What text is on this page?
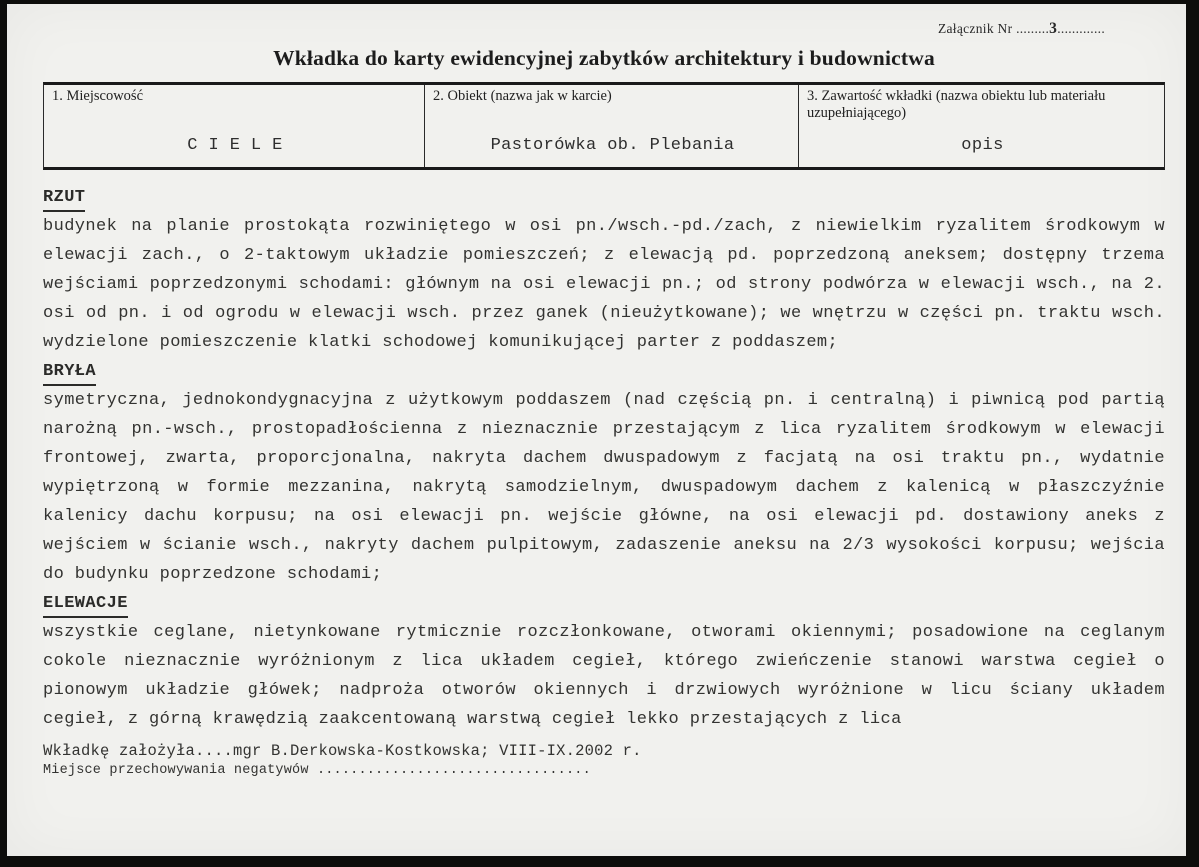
Załącznik Nr .........3.............
Wkładka do karty ewidencyjnej zabytków architektury i budownictwa
1. Miejscowość
C I E L E
2. Obiekt (nazwa jak w karcie)
Pastorówka ob. Plebania
3. Zawartość wkładki (nazwa obiektu lub materiału uzupełniającego)
opis
RZUT

budynek na planie prostokąta rozwiniętego w osi pn./wsch.-pd./zach, z niewielkim ryzalitem środkowym w elewacji zach., o 2-taktowym układzie pomieszczeń; z elewacją pd. poprzedzoną aneksem; dostępny trzema wejściami poprzedzonymi schodami: głównym na osi elewacji pn.; od strony podwórza w elewacji wsch., na 2. osi od pn. i od ogrodu w elewacji wsch. przez ganek (nieużytkowane); we wnętrzu w części pn. traktu wsch. wydzielone pomieszczenie klatki schodowej komunikującej parter z poddaszem;

BRYŁA

symetryczna, jednokondygnacyjna z użytkowym poddaszem (nad częścią pn. i centralną) i piwnicą pod partią narożną pn.-wsch., prostopadłościenna z nieznacznie przestającym z lica ryzalitem środkowym w elewacji frontowej, zwarta, proporcjonalna, nakryta dachem dwuspadowym z facjatą na osi traktu pn., wydatnie wypiętrzoną w formie mezzanina, nakrytą samodzielnym, dwuspadowym dachem z kalenicą w płaszczyźnie kalenicy dachu korpusu; na osi elewacji pn. wejście główne, na osi elewacji pd. dostawiony aneks z wejściem w ścianie wsch., nakryty dachem pulpitowym, zadaszenie aneksu na 2/3 wysokości korpusu; wejścia do budynku poprzedzone schodami;

ELEWACJE

wszystkie ceglane, nietynkowane rytmicznie rozczłonkowane, otworami okiennymi; posadowione na ceglanym cokole nieznacznie wyróżnionym z lica układem cegieł, którego zwieńczenie stanowi warstwa cegieł o pionowym układzie główek; nadproża otworów okiennych i drzwiowych wyróżnione w licu ściany układem cegieł, z górną krawędzią zaakcentowaną warstwą cegieł lekko przestających z lica

Wkładkę założyła....mgr B.Derkowska-Kostkowska; VIII-IX.2002 r.
Miejsce przechowywania negatywów .................................
